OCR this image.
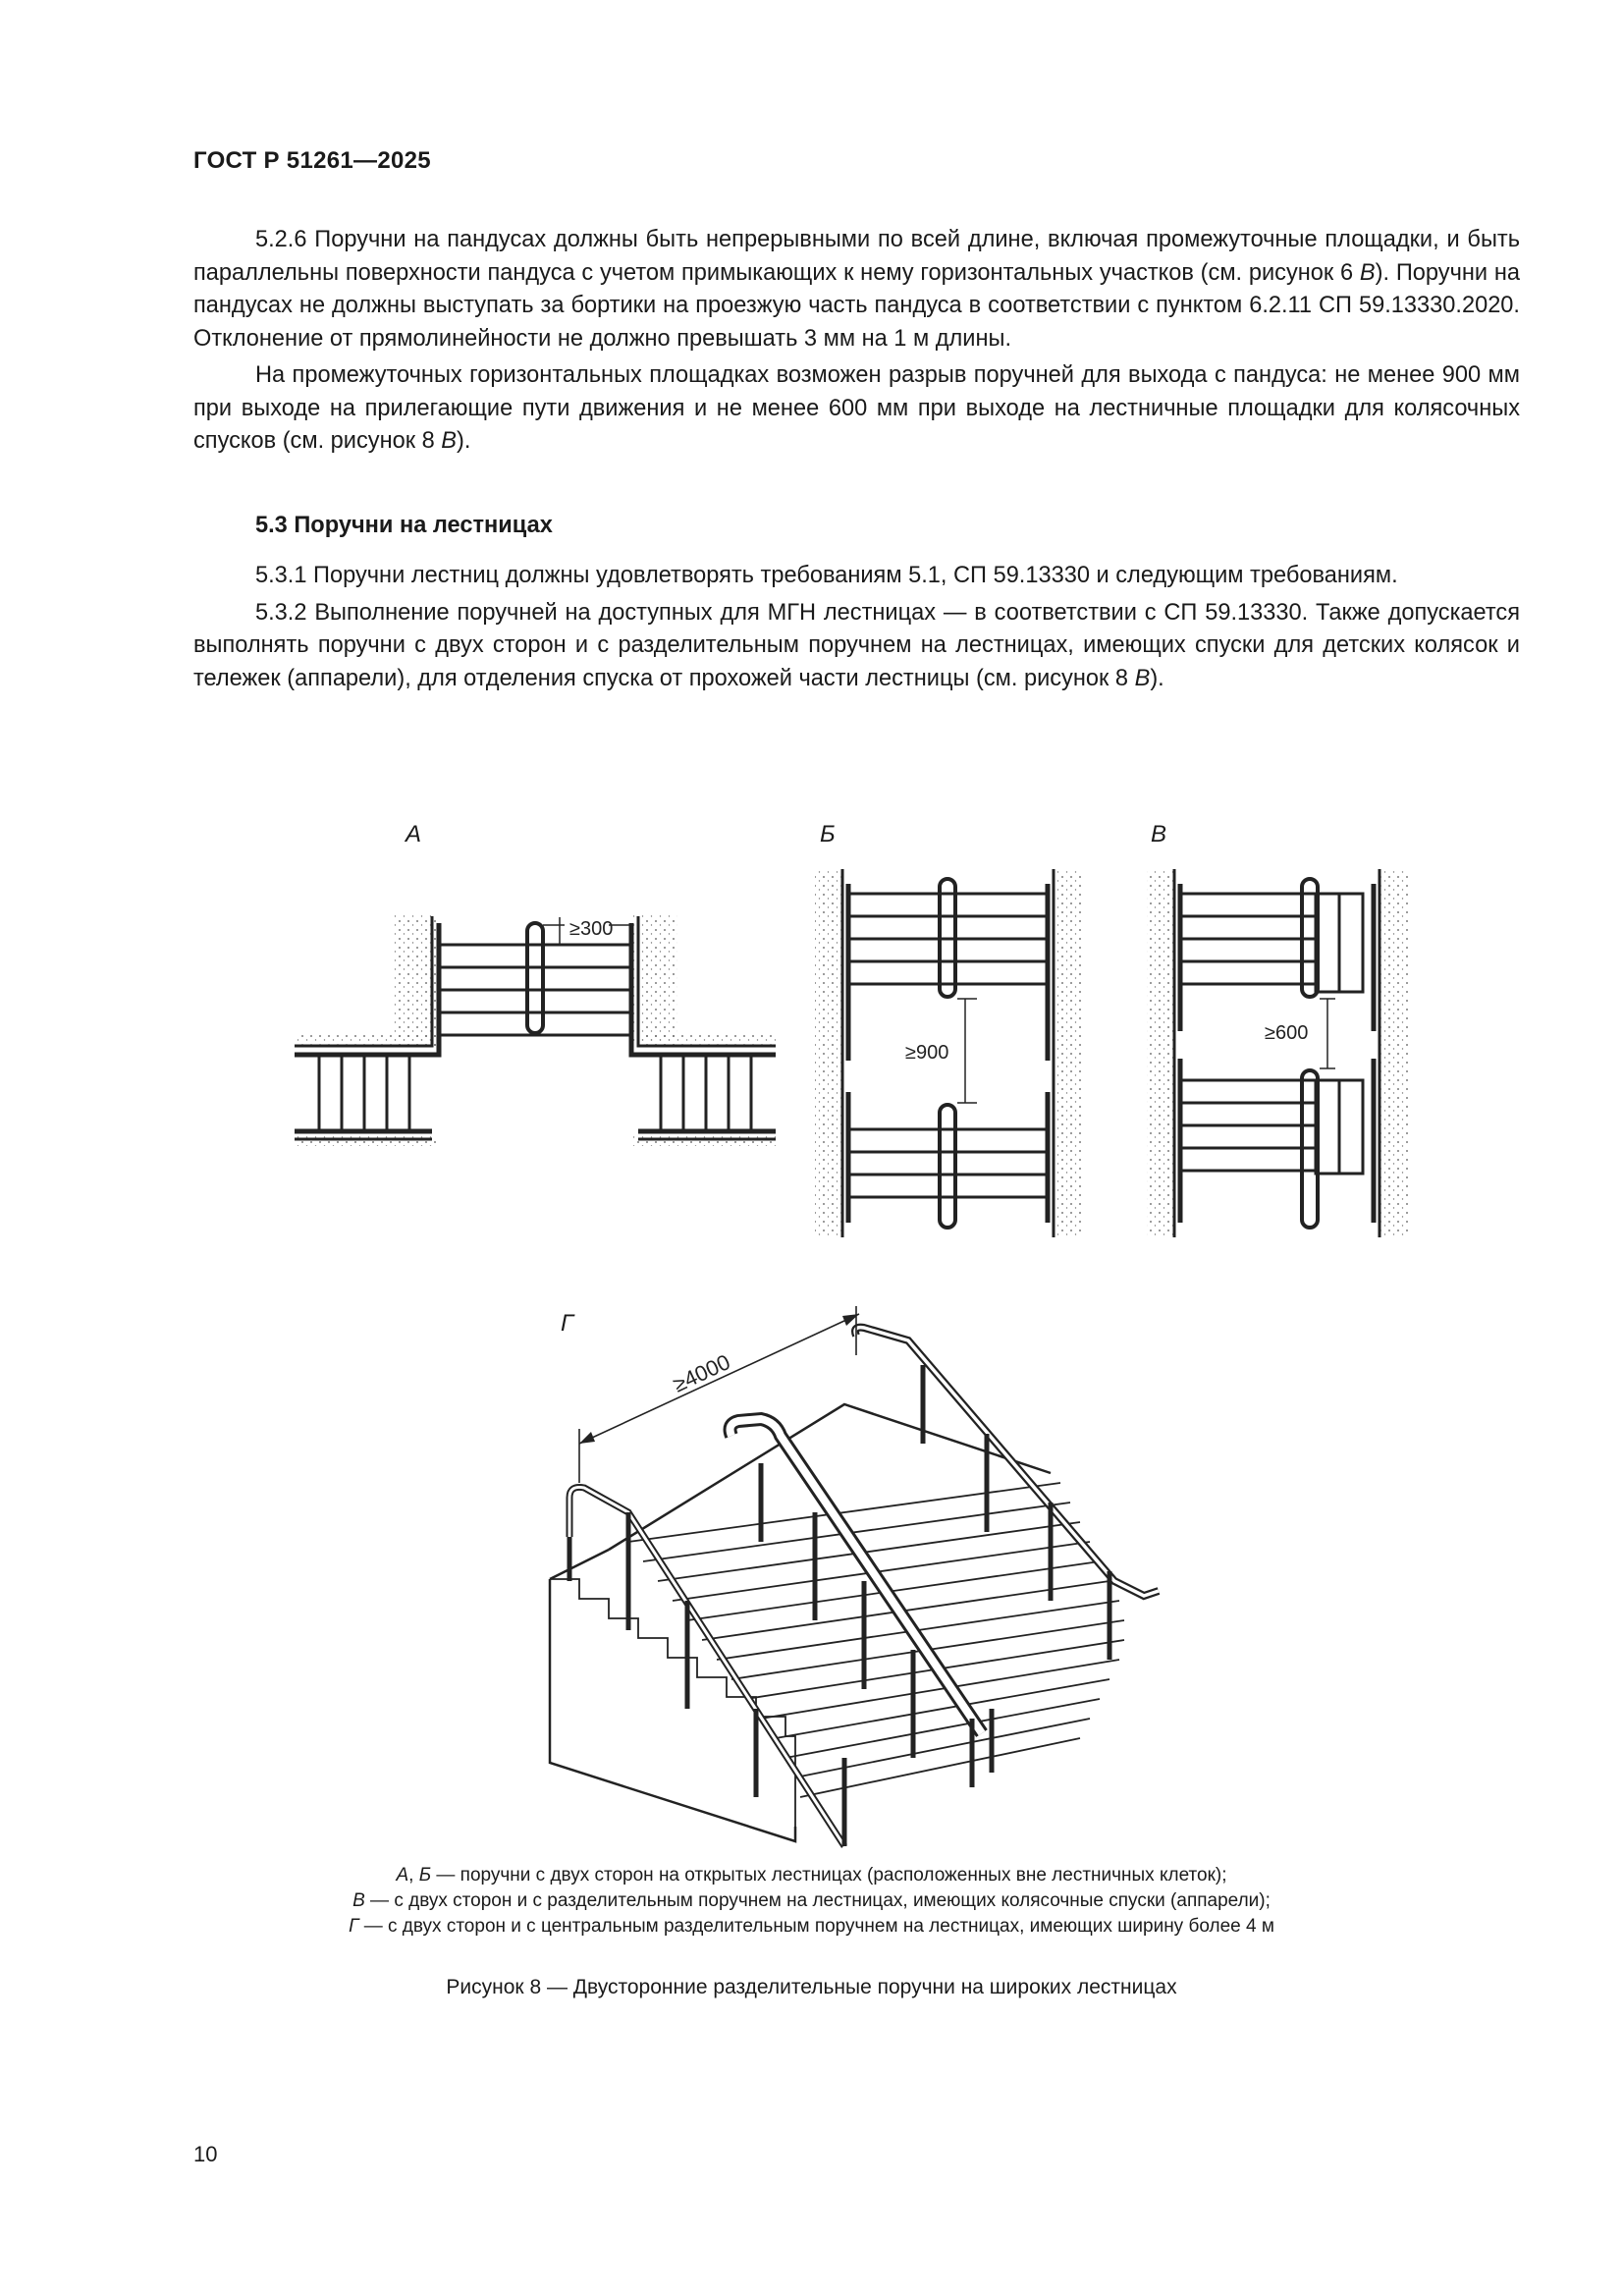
ГОСТ Р 51261—2025

5.2.6 Поручни на пандусах должны быть непрерывными по всей длине, включая промежуточные площадки, и быть параллельны поверхности пандуса с учетом примыкающих к нему горизонтальных участков (см. рисунок 6 В). Поручни на пандусах не должны выступать за бортики на проезжую часть пандуса в соответствии с пунктом 6.2.11 СП 59.13330.2020. Отклонение от прямолинейности не должно превышать 3 мм на 1 м длины.

На промежуточных горизонтальных площадках возможен разрыв поручней для выхода с пандуса: не менее 900 мм при выходе на прилегающие пути движения и не менее 600 мм при выходе на лестничные площадки для колясочных спусков (см. рисунок 8 В).

5.3 Поручни на лестницах

5.3.1 Поручни лестниц должны удовлетворять требованиям 5.1, СП 59.13330 и следующим требованиям.

5.3.2 Выполнение поручней на доступных для МГН лестницах — в соответствии с СП 59.13330. Также допускается выполнять поручни с двух сторон и с разделительным поручнем на лестницах, имеющих спуски для детских колясок и тележек (аппарели), для отделения спуска от прохожей части лестницы (см. рисунок 8 В).

А	Б	В
Г
≥300
≥900
≥600
≥4000

А, Б — поручни с двух сторон на открытых лестницах (расположенных вне лестничных клеток);

В — с двух сторон и с разделительным поручнем на лестницах, имеющих колясочные спуски (аппарели);

Г — с двух сторон и с центральным разделительным поручнем на лестницах, имеющих ширину более 4 м

Рисунок 8 — Двусторонние разделительные поручни на широких лестницах
10
